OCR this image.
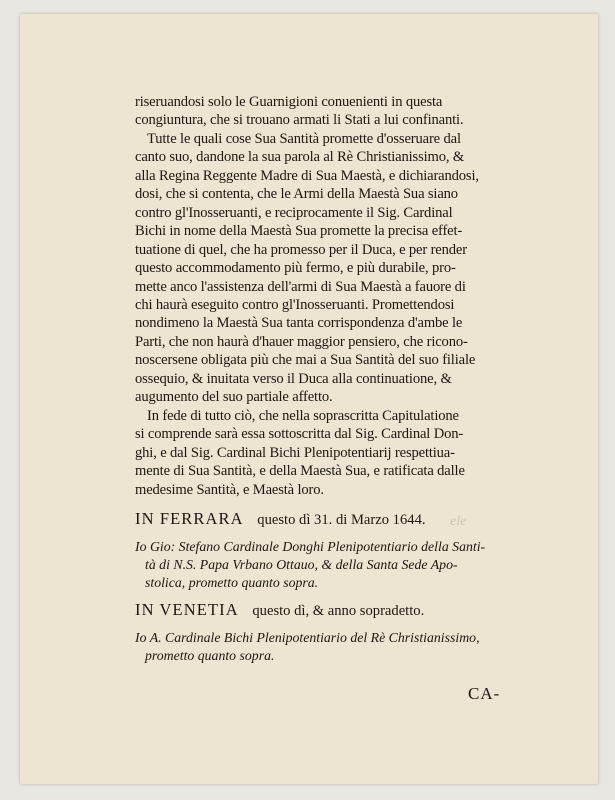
ele
riseruandosi solo le Guarnigioni conuenienti in questa
congiuntura, che si trouano armati li Stati a lui confinanti.
Tutte le quali cose Sua Santità promette d'osseruare dal
canto suo, dandone la sua parola al Rè Christianissimo, &
alla Regina Reggente Madre di Sua Maestà, e dichiarandosi,
dosi, che si contenta, che le Armi della Maestà Sua siano
contro gl'Inosseruanti, e reciprocamente il Sig. Cardinal
Bichi in nome della Maestà Sua promette la precisa effet-
tuatione di quel, che ha promesso per il Duca, e per render
questo accommodamento più fermo, e più durabile, pro-
mette anco l'assistenza dell'armi di Sua Maestà a fauore di
chi haurà eseguito contro gl'Inosseruanti. Promettendosi
nondimeno la Maestà Sua tanta corrispondenza d'ambe le
Parti, che non haurà d'hauer maggior pensiero, che ricono-
noscersene obligata più che mai a Sua Santità del suo filiale
ossequio, & inuitata verso il Duca alla continuatione, &
augumento del suo partiale affetto.
In fede di tutto ciò, che nella soprascritta Capitulatione
si comprende sarà essa sottoscritta dal Sig. Cardinal Don-
ghi, e dal Sig. Cardinal Bichi Plenipotentiarij respettiua-
mente di Sua Santità, e della Maestà Sua, e ratificata dalle
medesime Santità, e Maestà loro.
IN FERRARA questo dì 31. di Marzo 1644.
Io Gio: Stefano Cardinale Donghi Plenipotentiario della Santi-
tà di N.S. Papa Vrbano Ottauo, & della Santa Sede Apo-
stolica, prometto quanto sopra.
IN VENETIA questo dì, & anno sopradetto.
Io A. Cardinale Bichi Plenipotentiario del Rè Christianissimo,
prometto quanto sopra.
CA-
